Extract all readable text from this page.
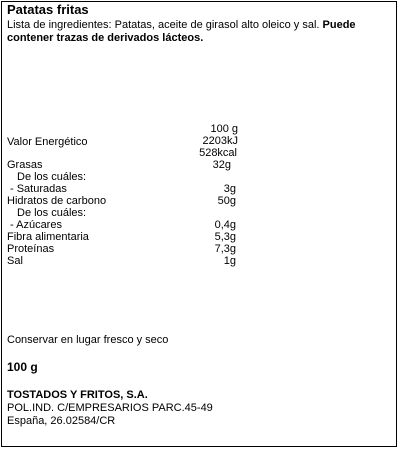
Patatas fritas
Lista de ingredientes: Patatas, aceite de girasol alto oleico y sal. Puede contener trazas de derivados lácteos.
100 g
Valor Energético	2203kJ
528kcal
Grasas	32g
De los cuáles:
- Saturadas	3g
Hidratos de carbono	50g
De los cuáles:
- Azúcares	0,4g
Fibra alimentaria	5,3g
Proteínas	7,3g
Sal	1g
Conservar en lugar fresco y seco
100 g
TOSTADOS Y FRITOS, S.A.
POL.IND. C/EMPRESARIOS PARC.45-49
España, 26.02584/CR
